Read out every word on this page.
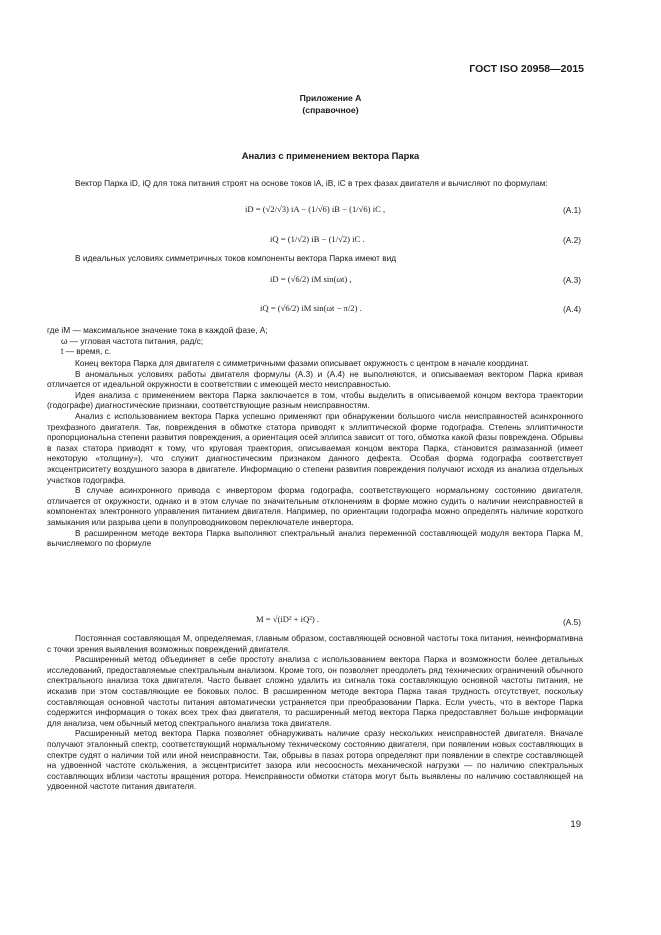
ГОСТ ISO 20958—2015
Приложение А
(справочное)
Анализ с применением вектора Парка
Вектор Парка iD, iQ для тока питания строят на основе токов iA, iB, iC в трех фазах двигателя и вычисляют по формулам:
iD = (√2/√3) iA − (1/√6) iB − (1/√6) iC ,	(A.1)
iQ = (1/√2) iB − (1/√2) iC .	(A.2)
В идеальных условиях симметричных токов компоненты вектора Парка имеют вид
iD = (√6/2) iM sin(ωt) ,	(A.3)
iQ = (√6/2) iM sin(ωt − π/2) .	(A.4)
где iM — максимальное значение тока в каждой фазе, А;
ω — угловая частота питания, рад/с;
t — время, с.
Конец вектора Парка для двигателя с симметричными фазами описывает окружность с центром в начале координат.
В аномальных условиях работы двигателя формулы (А.3) и (А.4) не выполняются, и описываемая вектором Парка кривая отличается от идеальной окружности в соответствии с имеющей место неисправностью.
Идея анализа с применением вектора Парка заключается в том, чтобы выделить в описываемой концом вектора траектории (годографе) диагностические признаки, соответствующие разным неисправностям.
Анализ с использованием вектора Парка успешно применяют при обнаружении большого числа неисправностей асинхронного трехфазного двигателя. Так, повреждения в обмотке статора приводят к эллиптической форме годографа. Степень эллиптичности пропорциональна степени развития повреждения, а ориентация осей эллипса зависит от того, обмотка какой фазы повреждена. Обрывы в пазах статора приводят к тому, что круговая траектория, описываемая концом вектора Парка, становится размазанной (имеет некоторую «толщину»), что служит диагностическим признаком данного дефекта. Особая форма годографа соответствует эксцентриситету воздушного зазора в двигателе. Информацию о степени развития повреждения получают исходя из анализа отдельных участков годографа.
В случае асинхронного привода с инвертором форма годографа, соответствующего нормальному состоянию двигателя, отличается от окружности, однако и в этом случае по значительным отклонениям в форме можно судить о наличии неисправностей в компонентах электронного управления питанием двигателя. Например, по ориентации годографа можно определять наличие короткого замыкания или разрыва цепи в полупроводниковом переключателе инвертора.
В расширенном методе вектора Парка выполняют спектральный анализ переменной составляющей модуля вектора Парка M, вычисляемого по формуле
M = √(iD² + iQ²) .	(A.5)
Постоянная составляющая M, определяемая, главным образом, составляющей основной частоты тока питания, неинформативна с точки зрения выявления возможных повреждений двигателя.
Расширенный метод объединяет в себе простоту анализа с использованием вектора Парка и возможности более детальных исследований, предоставляемые спектральным анализом. Кроме того, он позволяет преодолеть ряд технических ограничений обычного спектрального анализа тока двигателя. Часто бывает сложно удалить из сигнала тока составляющую основной частоты питания, не исказив при этом составляющие ее боковых полос. В расширенном методе вектора Парка такая трудность отсутствует, поскольку составляющая основной частоты питания автоматически устраняется при преобразовании Парка. Если учесть, что в векторе Парка содержится информация о токах всех трех фаз двигателя, то расширенный метод вектора Парка предоставляет больше информации для анализа, чем обычный метод спектрального анализа тока двигателя.
Расширенный метод вектора Парка позволяет обнаруживать наличие сразу нескольких неисправностей двигателя. Вначале получают эталонный спектр, соответствующий нормальному техническому состоянию двигателя, при появлении новых составляющих в спектре судят о наличии той или иной неисправности. Так, обрывы в пазах ротора определяют при появлении в спектре составляющей на удвоенной частоте скольжения, а эксцентриситет зазора или несоосность механической нагрузки — по наличию спектральных составляющих вблизи частоты вращения ротора. Неисправности обмотки статора могут быть выявлены по наличию составляющей на удвоенной частоте питания двигателя.
19
